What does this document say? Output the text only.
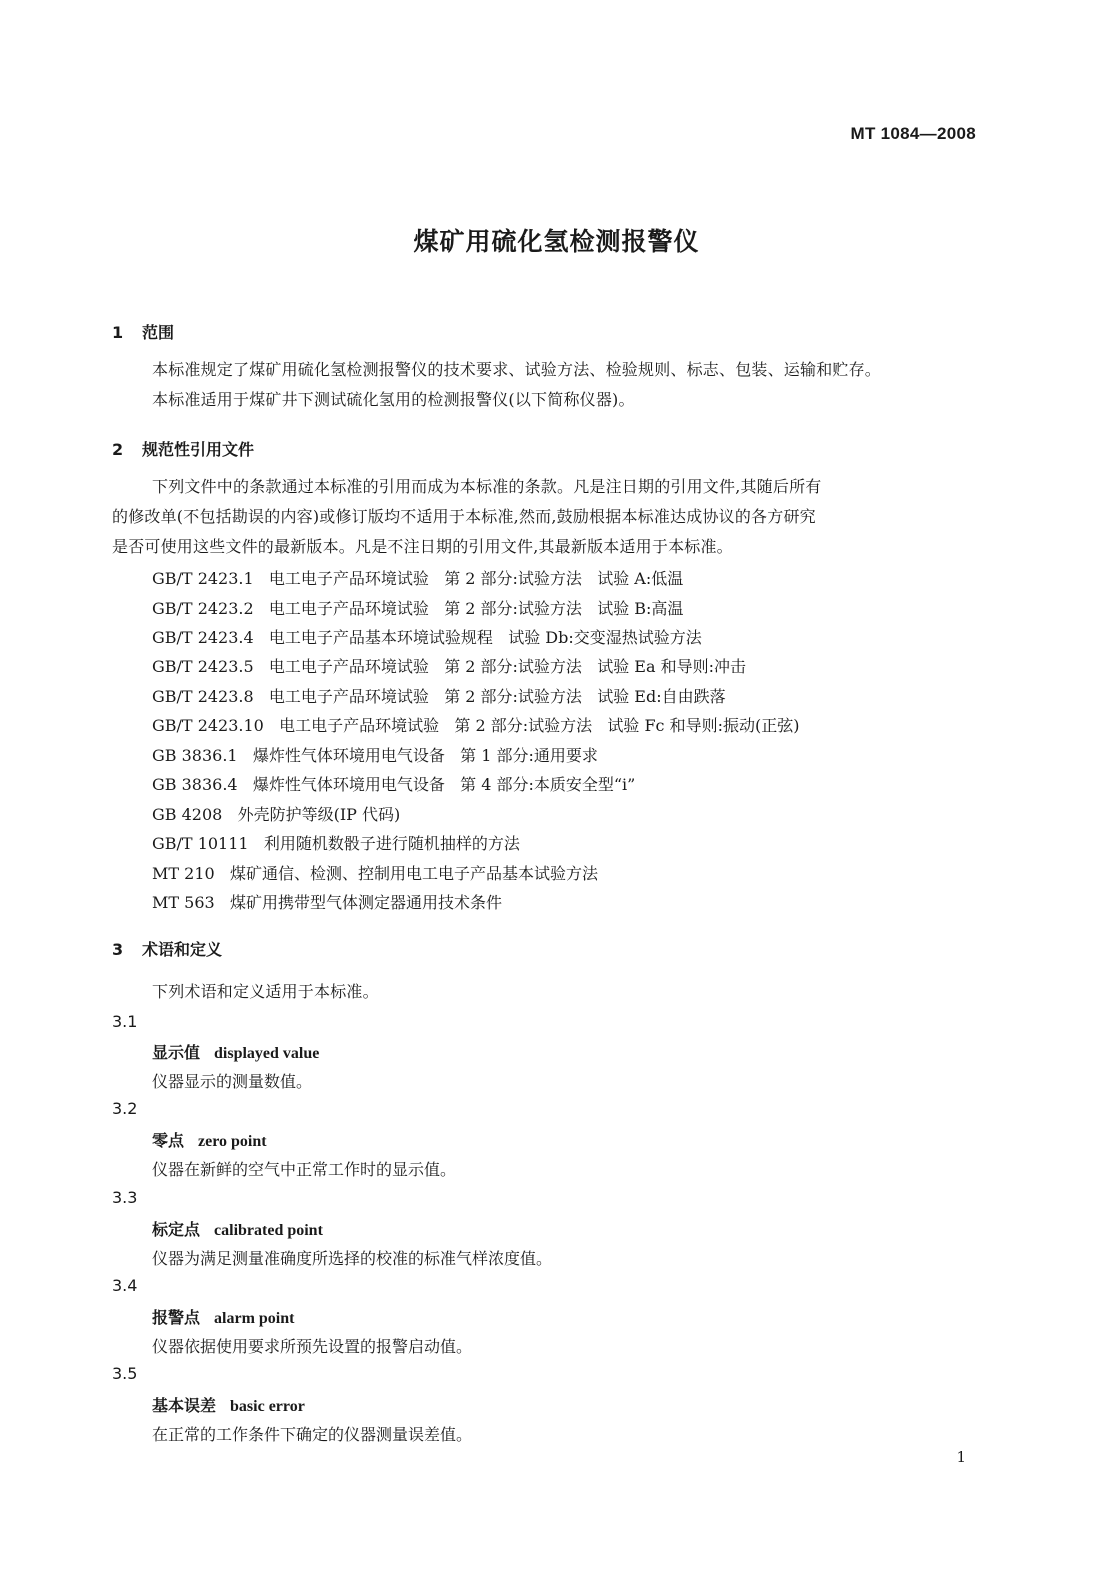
MT 1084—2008
煤矿用硫化氢检测报警仪
1 范围
本标准规定了煤矿用硫化氢检测报警仪的技术要求、试验方法、检验规则、标志、包装、运输和贮存。
本标准适用于煤矿井下测试硫化氢用的检测报警仪(以下简称仪器)。
2 规范性引用文件
下列文件中的条款通过本标准的引用而成为本标准的条款。凡是注日期的引用文件,其随后所有
的修改单(不包括勘误的内容)或修订版均不适用于本标准,然而,鼓励根据本标准达成协议的各方研究
是否可使用这些文件的最新版本。凡是不注日期的引用文件,其最新版本适用于本标准。
GB/T 2423.1   电工电子产品环境试验   第 2 部分:试验方法   试验 A:低温
GB/T 2423.2   电工电子产品环境试验   第 2 部分:试验方法   试验 B:高温
GB/T 2423.4   电工电子产品基本环境试验规程   试验 Db:交变湿热试验方法
GB/T 2423.5   电工电子产品环境试验   第 2 部分:试验方法   试验 Ea 和导则:冲击
GB/T 2423.8   电工电子产品环境试验   第 2 部分:试验方法   试验 Ed:自由跌落
GB/T 2423.10   电工电子产品环境试验   第 2 部分:试验方法   试验 Fc 和导则:振动(正弦)
GB 3836.1   爆炸性气体环境用电气设备   第 1 部分:通用要求
GB 3836.4   爆炸性气体环境用电气设备   第 4 部分:本质安全型“i”
GB 4208   外壳防护等级(IP 代码)
GB/T 10111   利用随机数骰子进行随机抽样的方法
MT 210   煤矿通信、检测、控制用电工电子产品基本试验方法
MT 563   煤矿用携带型气体测定器通用技术条件
3 术语和定义
下列术语和定义适用于本标准。
3.1
显示值 displayed value
仪器显示的测量数值。
3.2
零点 zero point
仪器在新鲜的空气中正常工作时的显示值。
3.3
标定点 calibrated point
仪器为满足测量准确度所选择的校准的标准气样浓度值。
3.4
报警点 alarm point
仪器依据使用要求所预先设置的报警启动值。
3.5
基本误差 basic error
在正常的工作条件下确定的仪器测量误差值。
1
